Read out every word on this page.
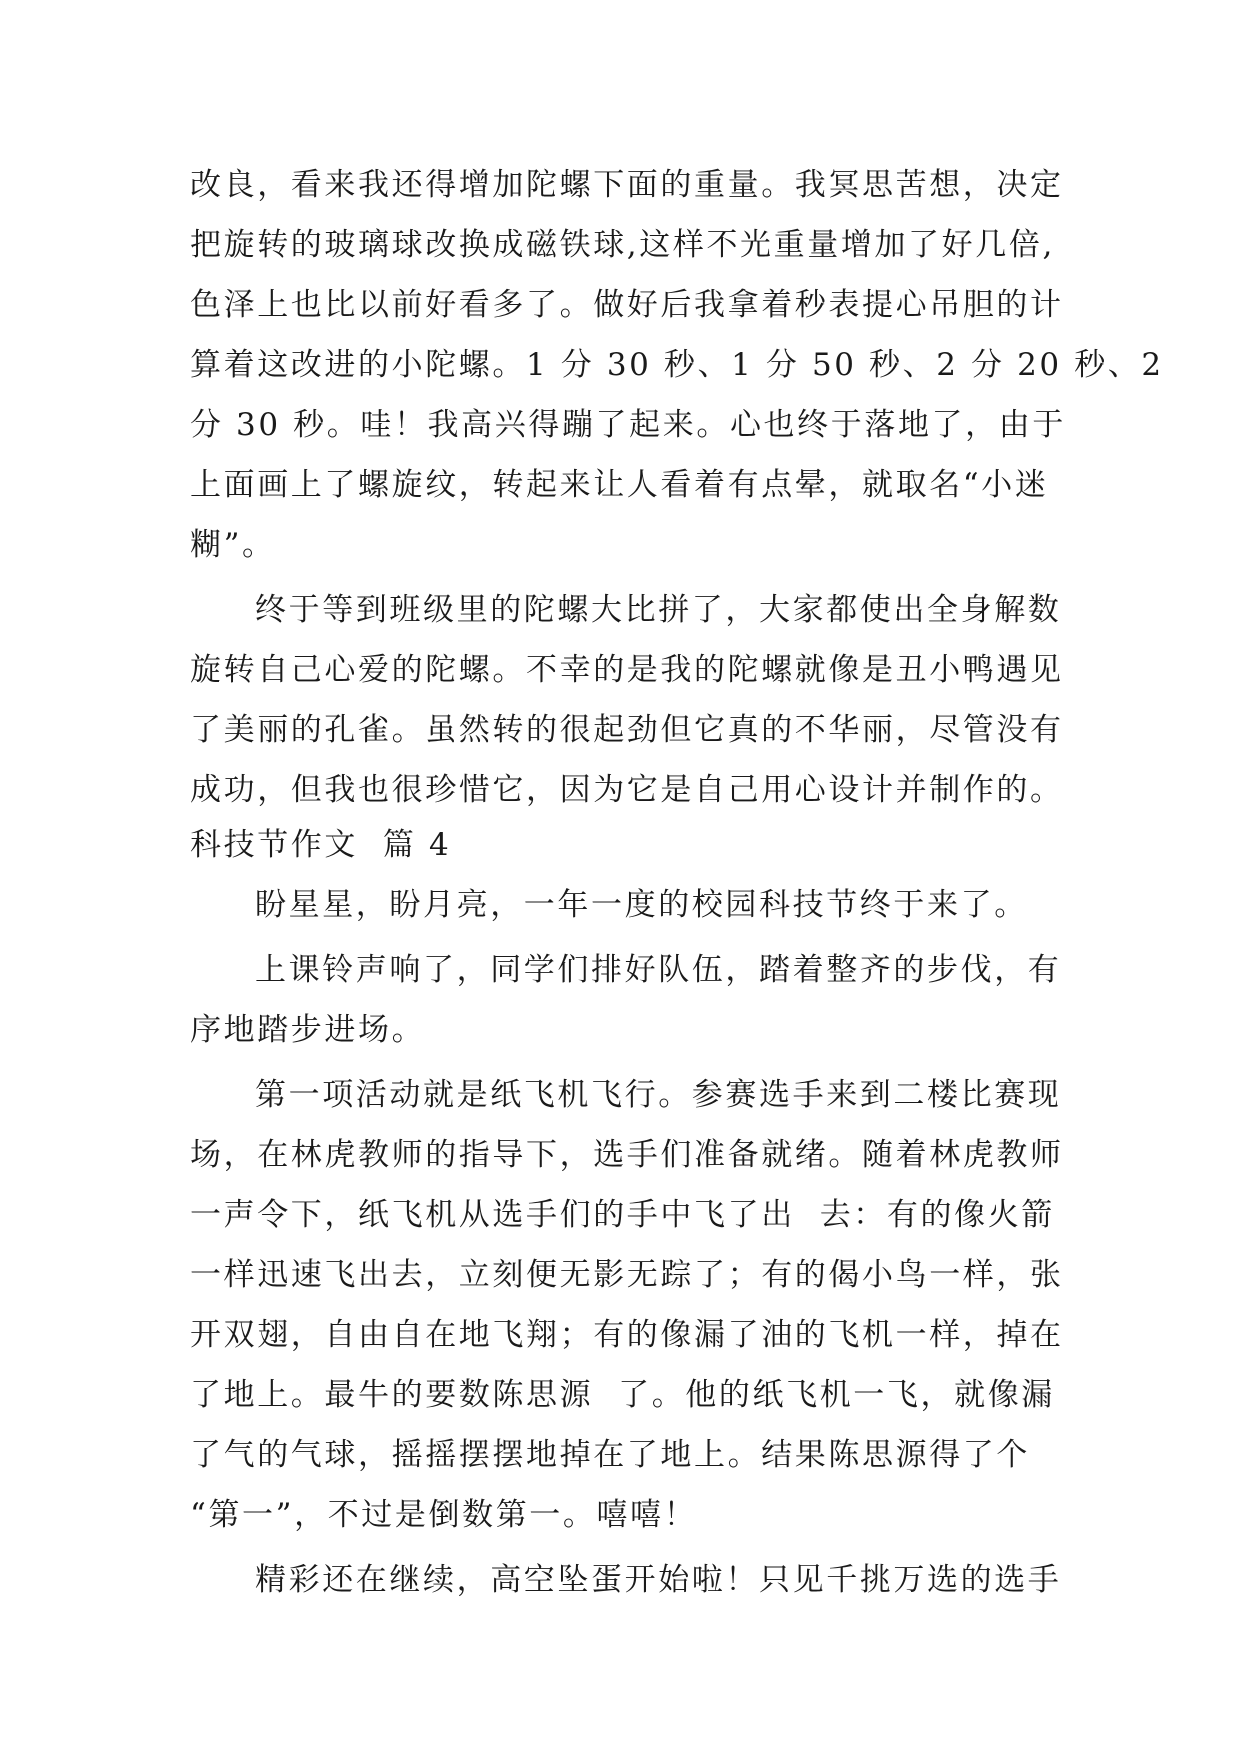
改良，看来我还得增加陀螺下面的重量。我冥思苦想，决定
把旋转的玻璃球改换成磁铁球,这样不光重量增加了好几倍,
色泽上也比以前好看多了。做好后我拿着秒表提心吊胆的计
算着这改进的小陀螺。1 分 30 秒、1 分 50 秒、2 分 20 秒、2
分 30 秒。哇！我高兴得蹦了起来。心也终于落地了，由于
上面画上了螺旋纹，转起来让人看着有点晕，就取名“小迷
糊”。
终于等到班级里的陀螺大比拼了，大家都使出全身解数
旋转自己心爱的陀螺。不幸的是我的陀螺就像是丑小鸭遇见
了美丽的孔雀。虽然转的很起劲但它真的不华丽，尽管没有
成功，但我也很珍惜它，因为它是自己用心设计并制作的。
科技节作文  篇 4
盼星星，盼月亮，一年一度的校园科技节终于来了。
上课铃声响了，同学们排好队伍，踏着整齐的步伐，有
序地踏步进场。
第一项活动就是纸飞机飞行。参赛选手来到二楼比赛现
场，在林虎教师的指导下，选手们准备就绪。随着林虎教师
一声令下，纸飞机从选手们的手中飞了出  去：有的像火箭
一样迅速飞出去，立刻便无影无踪了；有的偈小鸟一样，张
开双翅，自由自在地飞翔；有的像漏了油的飞机一样，掉在
了地上。最牛的要数陈思源  了。他的纸飞机一飞，就像漏
了气的气球，摇摇摆摆地掉在了地上。结果陈思源得了个
“第一”，不过是倒数第一。嘻嘻！
精彩还在继续，高空坠蛋开始啦！只见千挑万选的选手
